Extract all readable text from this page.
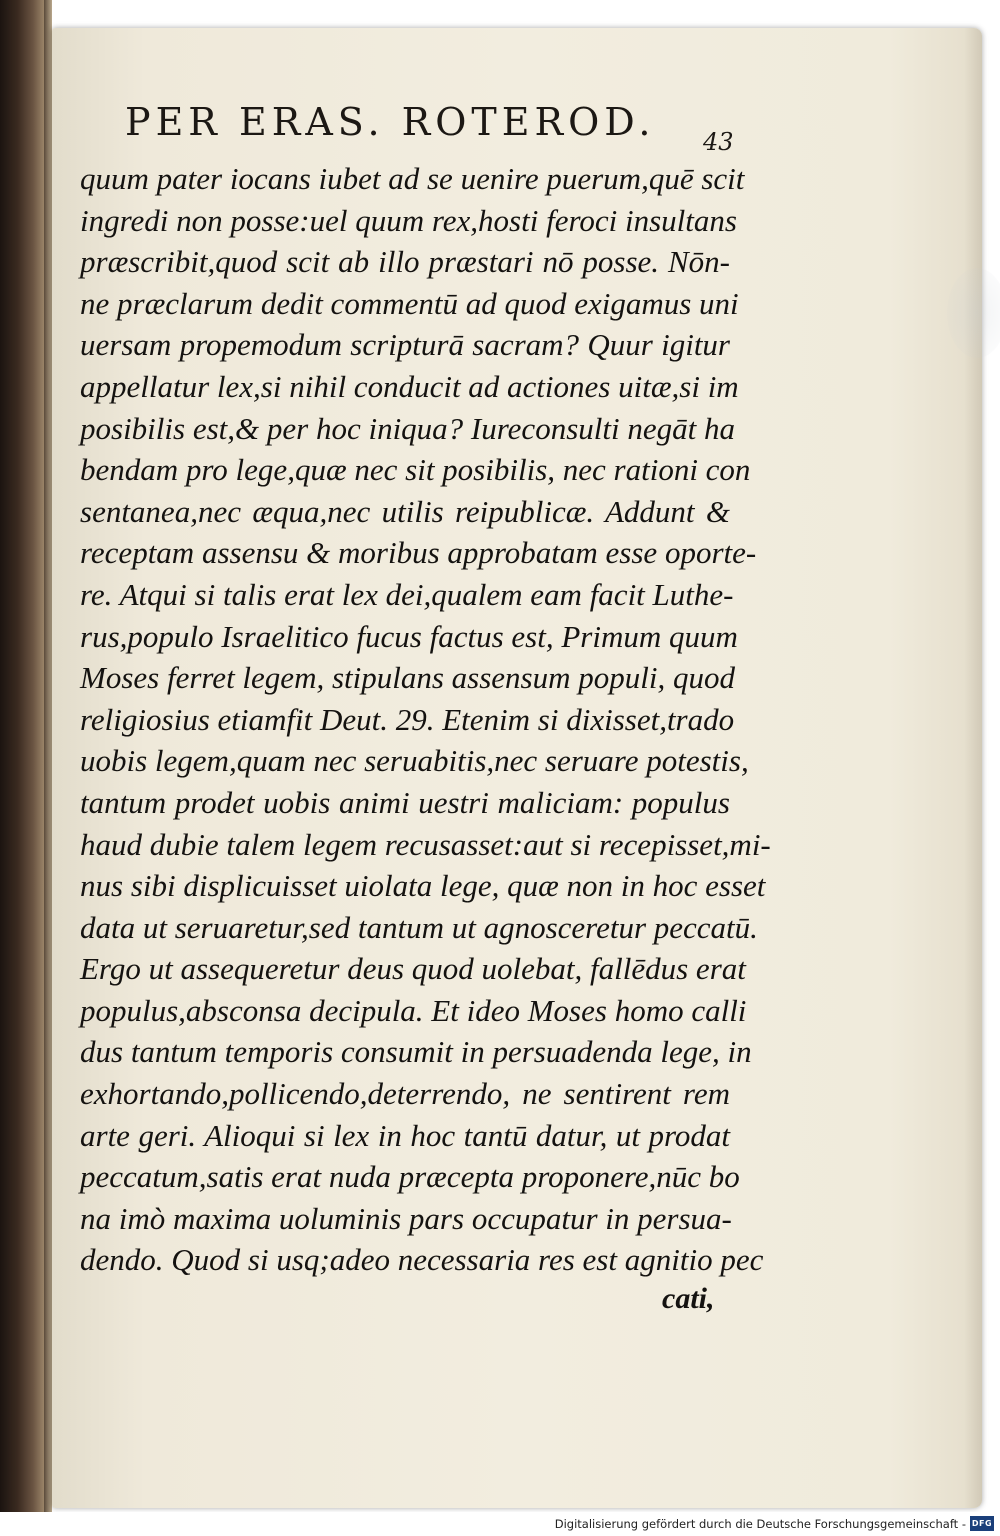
PER ERAS. ROTEROD. 43
quum pater iocans iubet ad se uenire puerum,quē scit
ingredi non posse:uel quum rex,hosti feroci insultans
præscribit,quod scit ab illo præstari nō posse. Nōn-
ne præclarum dedit commentū ad quod exigamus uni
uersam propemodum scripturā sacram? Quur igitur
appellatur lex,si nihil conducit ad actiones uitæ,si im
posibilis est,& per hoc iniqua? Iureconsulti negāt ha
bendam pro lege,quæ nec sit posibilis, nec rationi con
sentanea,nec æqua,nec utilis reipublicæ. Addunt &
receptam assensu & moribus approbatam esse oporte-
re. Atqui si talis erat lex dei,qualem eam facit Luthe-
rus,populo Israelitico fucus factus est, Primum quum
Moses ferret legem, stipulans assensum populi, quod
religiosius etiamfit Deut. 29. Etenim si dixisset,trado
uobis legem,quam nec seruabitis,nec seruare potestis,
tantum prodet uobis animi uestri maliciam: populus
haud dubie talem legem recusasset:aut si recepisset,mi-
nus sibi displicuisset uiolata lege, quæ non in hoc esset
data ut seruaretur,sed tantum ut agnosceretur peccatū.
Ergo ut assequeretur deus quod uolebat, fallēdus erat
populus,absconsa decipula. Et ideo Moses homo calli
dus tantum temporis consumit in persuadenda lege, in
exhortando,pollicendo,deterrendo, ne sentirent rem
arte geri. Alioqui si lex in hoc tantū datur, ut prodat
peccatum,satis erat nuda præcepta proponere,nūc bo
na imò maxima uoluminis pars occupatur in persua-
dendo. Quod si usq;adeo necessaria res est agnitio pec
cati,
Digitalisierung gefördert durch die Deutsche Forschungsgemeinschaft - DFG
